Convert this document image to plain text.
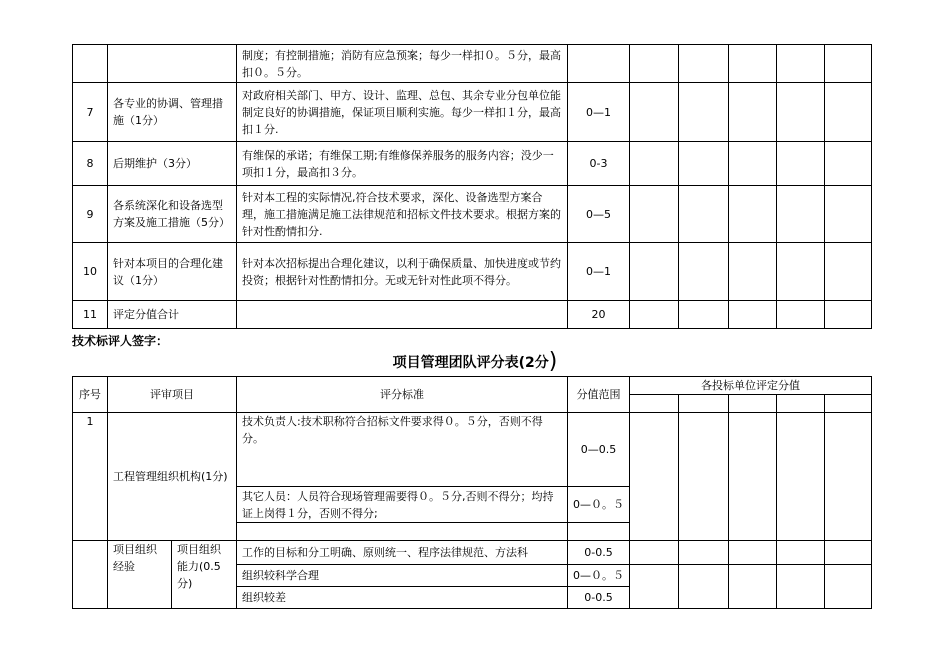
		制度；有控制措施；消防有应急预案；每少一样扣０。５分，最高扣０。５分。						
7	各专业的协调、管理措施（1分）	对政府相关部门、甲方、设计、监理、总包、其余专业分包单位能制定良好的协调措施，保证项目顺利实施。每少一样扣１分，最高扣１分.	0—1					
8	后期维护（3分）	有维保的承诺；有维保工期;有维修保养服务的服务内容；没少一项扣１分，最高扣３分。	0-3					
9	各系统深化和设备选型方案及施工措施（5分）	针对本工程的实际情况,符合技术要求，深化、设备选型方案合理，施工措施满足施工法律规范和招标文件技术要求。根据方案的针对性酌情扣分.	0—5					
10	针对本项目的合理化建议（1分）	针对本次招标提出合理化建议，以利于确保质量、加快进度或节约投资；根据针对性酌情扣分。无或无针对性此项不得分。	0—1					
11	评定分值合计		20					
技术标评人签字：
项目管理团队评分表(2分)
序号	评审项目		评分标准	分值范围	各投标单位评定分值				

1	工程管理组织机构(1分)		技术负责人:技术职称符合招标文件要求得０。５分，否则不得分。	0—0.5					
			其它人员：人员符合现场管理需要得０。５分,否则不得分；均持证上岗得１分，否则不得分;	0—０。５					

	项目组织经验	项目组织能力(0.5分)	工作的目标和分工明确、原则统一、程序法律规范、方法科	0-0.5					
			组织较科学合理	0—０。５					
			组织较差	0-0.5					
